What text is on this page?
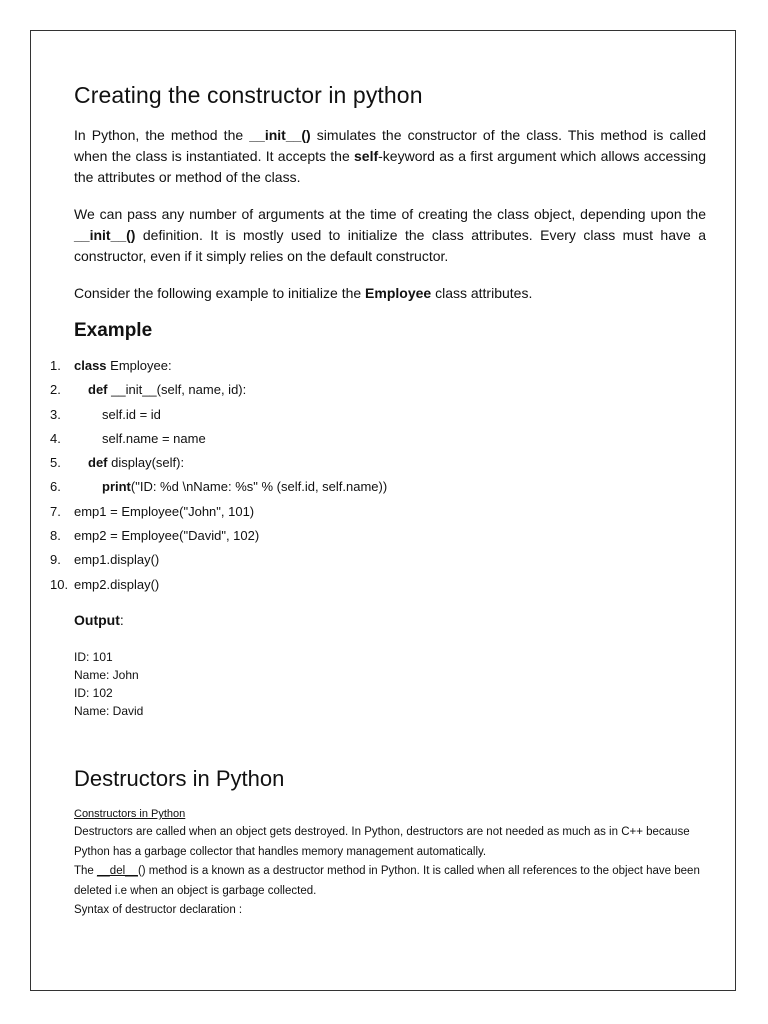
Creating the constructor in python

In Python, the method the __init__() simulates the constructor of the class. This method is called when the class is instantiated. It accepts the self-keyword as a first argument which allows accessing the attributes or method of the class.

We can pass any number of arguments at the time of creating the class object, depending upon the __init__() definition. It is mostly used to initialize the class attributes. Every class must have a constructor, even if it simply relies on the default constructor.

Consider the following example to initialize the Employee class attributes.

Example
1. class Employee:
2. def __init__(self, name, id):
3.	self.id = id
4.	self.name = name
5. def display(self):
6.	print("ID: %d \nName: %s" % (self.id, self.name))
7. emp1 = Employee("John", 101)
8. emp2 = Employee("David", 102)
9. emp1.display()
10. emp2.display()
Output:
ID: 101
Name: John
ID: 102
Name: David
Destructors in Python
Constructors in Python

Destructors are called when an object gets destroyed. In Python, destructors are not needed as much as in C++ because Python has a garbage collector that handles memory management automatically.

The __del__() method is a known as a destructor method in Python. It is called when all references to the object have been deleted i.e when an object is garbage collected.

Syntax of destructor declaration :
